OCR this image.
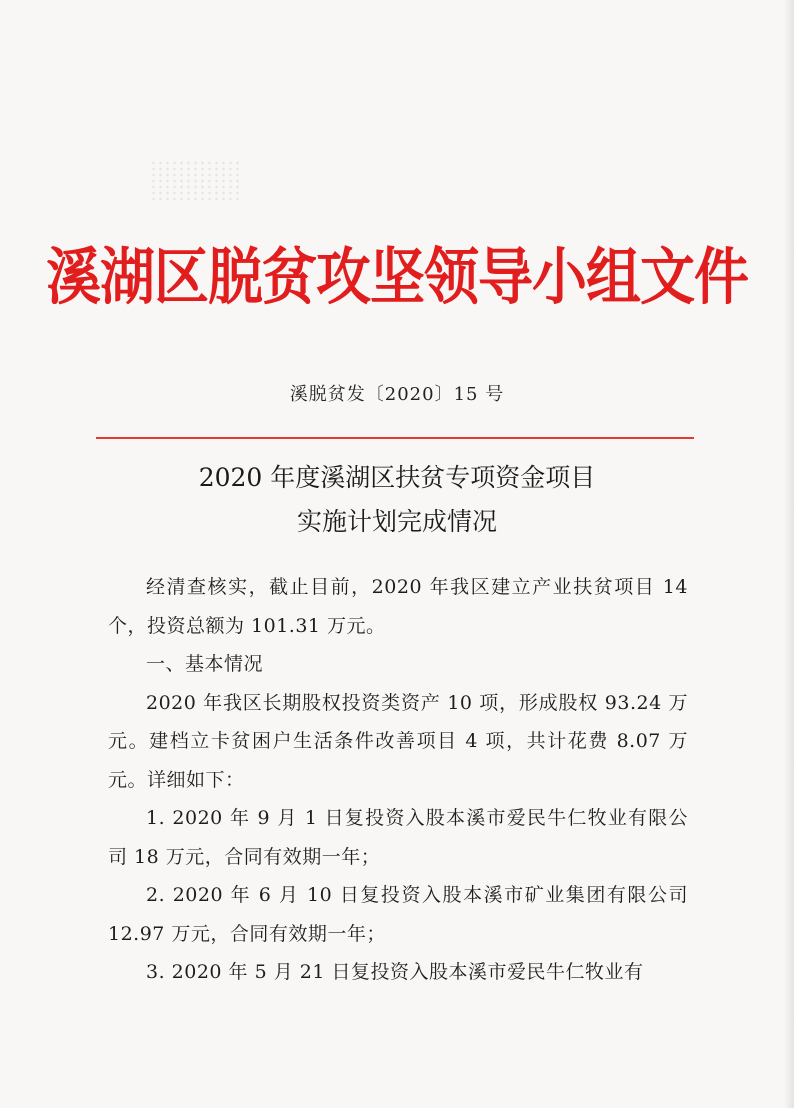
溪湖区脱贫攻坚领导小组文件
溪脱贫发〔2020〕15 号
2020 年度溪湖区扶贫专项资金项目
实施计划完成情况

经清查核实，截止目前，2020 年我区建立产业扶贫项目 14 个，投资总额为 101.31 万元。

一、基本情况

2020 年我区长期股权投资类资产 10 项，形成股权 93.24 万元。建档立卡贫困户生活条件改善项目 4 项，共计花费 8.07 万元。详细如下：

1. 2020 年 9 月 1 日复投资入股本溪市爱民牛仁牧业有限公司 18 万元，合同有效期一年；

2. 2020 年 6 月 10 日复投资入股本溪市矿业集团有限公司 12.97 万元，合同有效期一年；

3. 2020 年 5 月 21 日复投资入股本溪市爱民牛仁牧业有
